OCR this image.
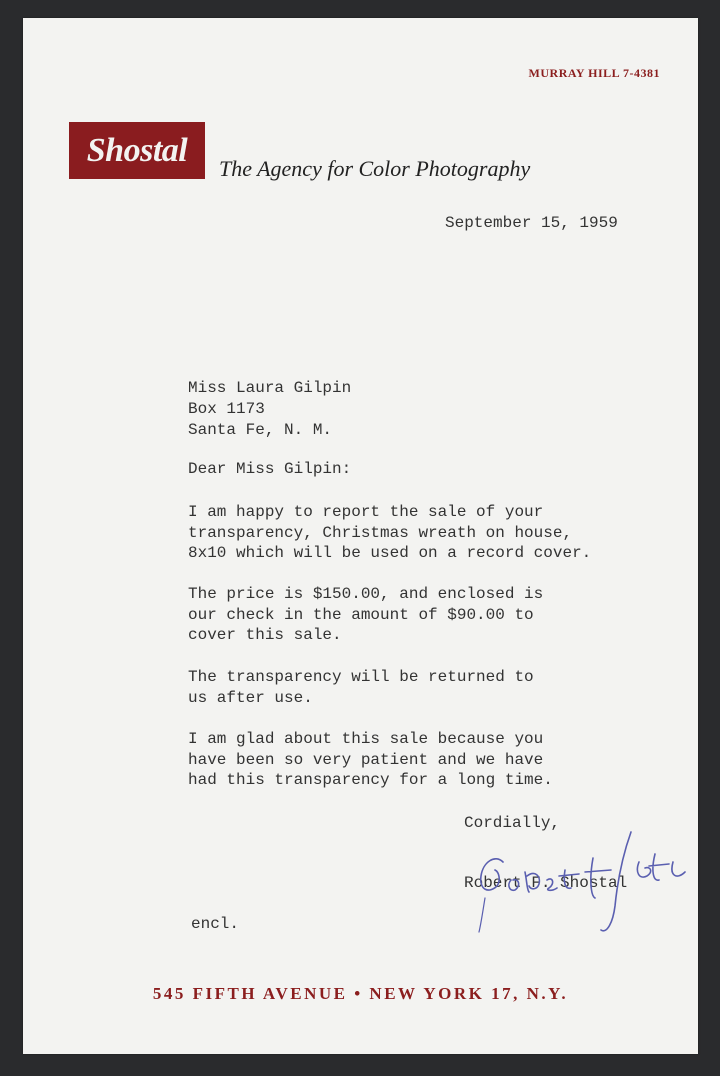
MURRAY HILL 7-4381
Shostal	The Agency for Color Photography
September 15, 1959
Miss Laura Gilpin
Box 1173
Santa Fe, N. M.
Dear Miss Gilpin:
I am happy to report the sale of your
transparency, Christmas wreath on house,
8x10 which will be used on a record cover.
The price is $150.00, and enclosed is
our check in the amount of $90.00 to
cover this sale.
The transparency will be returned to
us after use.
I am glad about this sale because you
have been so very patient and we have
had this transparency for a long time.
Cordially,
Robert F. Shostal
encl.
545 FIFTH AVENUE • NEW YORK 17, N.Y.
